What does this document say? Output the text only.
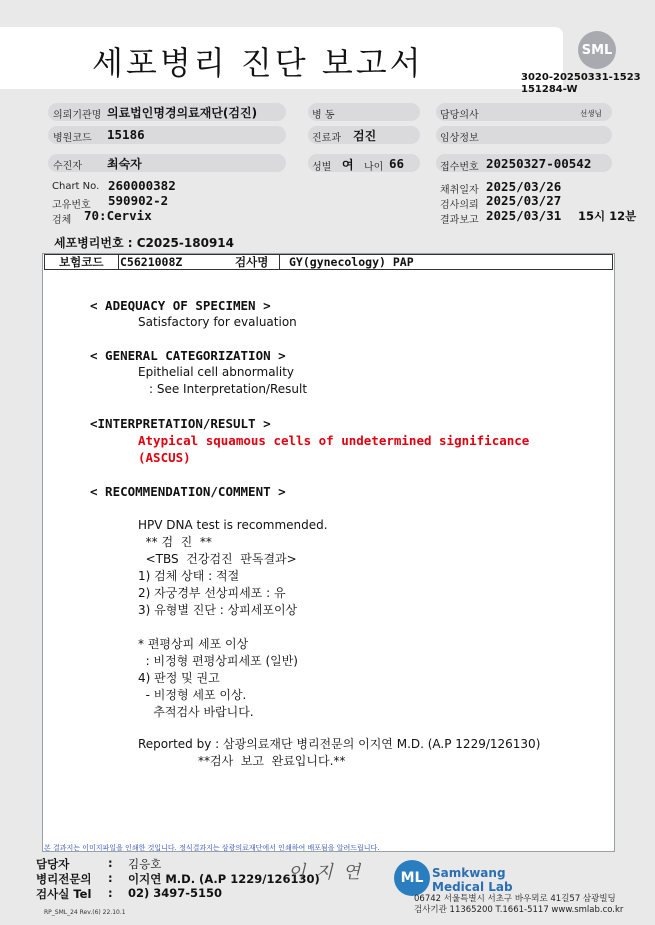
세포병리 진단 보고서	SML
3020-20250331-1523
151284-W
의뢰기관명 의료법인명경의료재단(검진)	병 동	담당의사	선생님
병원코드 15186	진료과 검진	임상정보
수진자 최숙자	성별 여 나이 66	접수번호 20250327-00542
Chart No. 260000382
고유번호 590902-2
검체 70:Cervix
채취일자 2025/03/26
검사의뢰 2025/03/27
결과보고 2025/03/31 15시 12분
세포병리번호 : C2025-180914
보험코드 C5621008Z	검사명 GY(gynecology) PAP
< ADEQUACY OF SPECIMEN >
Satisfactory for evaluation
< GENERAL CATEGORIZATION >
Epithelial cell abnormality
: See Interpretation/Result
<INTERPRETATION/RESULT >
Atypical squamous cells of undetermined significance
(ASCUS)
< RECOMMENDATION/COMMENT >

HPV DNA test is recommended.
** 검  진  **
<TBS  건강검진  판독결과>
1) 검체 상태 : 적절
2) 자궁경부 선상피세포 : 유
3) 유형별 진단 : 상피세포이상
* 편평상피 세포 이상
: 비정형 편평상피세포 (일반)
4) 판정 및 권고
- 비정형 세포 이상.
추적검사 바랍니다.

Reported by : 삼광의료재단 병리전문의 이지연 M.D. (A.P 1229/126130)
**검사  보고  완료입니다.**
본 결과지는 이미지파일을 인쇄한 것입니다. 정식결과지는 삼광의료재단에서 인쇄하여 배포됨을 알려드립니다.
담당자	: 김응호
병리전문의 : 이지연 M.D. (A.P 1229/126130)
검사실 Tel : 02) 3497-5150
RP_SML_24 Rev.(6) 22.10.1
이지연	ML Samkwang
Medical Lab
06742 서울특별시 서초구 바우뫼로 41길57 삼광빌딩
검사기관 11365200 T.1661-5117 www.smlab.co.kr
